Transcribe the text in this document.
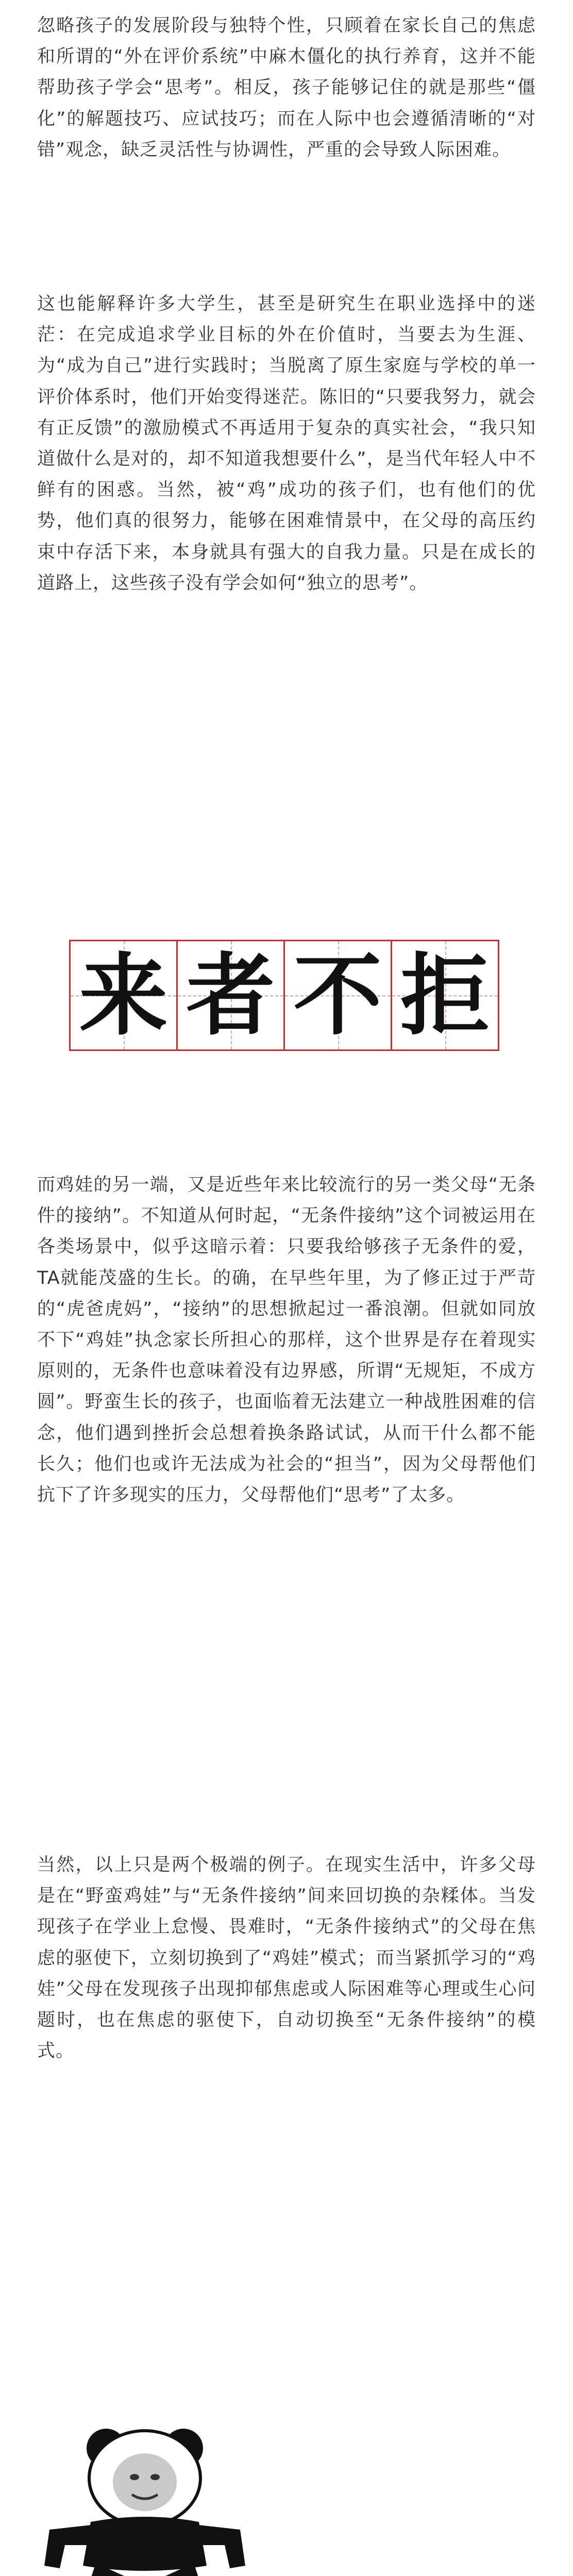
忽略孩子的发展阶段与独特个性，只顾着在家长自己的焦虑和所谓的“外在评价系统”中麻木僵化的执行养育，这并不能帮助孩子学会“思考”。相反，孩子能够记住的就是那些“僵化”的解题技巧、应试技巧；而在人际中也会遵循清晰的“对错”观念，缺乏灵活性与协调性，严重的会导致人际困难。

这也能解释许多大学生，甚至是研究生在职业选择中的迷茫：在完成追求学业目标的外在价值时，当要去为生涯、为“成为自己”进行实践时；当脱离了原生家庭与学校的单一评价体系时，他们开始变得迷茫。陈旧的“只要我努力，就会有正反馈”的激励模式不再适用于复杂的真实社会，“我只知道做什么是对的，却不知道我想要什么”，是当代年轻人中不鲜有的困惑。当然，被“鸡”成功的孩子们，也有他们的优势，他们真的很努力，能够在困难情景中，在父母的高压约束中存活下来，本身就具有强大的自我力量。只是在成长的道路上，这些孩子没有学会如何“独立的思考”。

来 者 不 拒

而鸡娃的另一端，又是近些年来比较流行的另一类父母“无条件的接纳”。不知道从何时起，“无条件接纳”这个词被运用在各类场景中，似乎这暗示着：只要我给够孩子无条件的爱，TA就能茂盛的生长。的确，在早些年里，为了修正过于严苛的“虎爸虎妈”，“接纳”的思想掀起过一番浪潮。但就如同放不下“鸡娃”执念家长所担心的那样，这个世界是存在着现实原则的，无条件也意味着没有边界感，所谓“无规矩，不成方圆”。野蛮生长的孩子，也面临着无法建立一种战胜困难的信念，他们遇到挫折会总想着换条路试试，从而干什么都不能长久；他们也或许无法成为社会的“担当”，因为父母帮他们抗下了许多现实的压力，父母帮他们“思考”了太多。

当然，以上只是两个极端的例子。在现实生活中，许多父母是在“野蛮鸡娃”与“无条件接纳”间来回切换的杂糅体。当发现孩子在学业上怠慢、畏难时，“无条件接纳式”的父母在焦虑的驱使下，立刻切换到了“鸡娃”模式；而当紧抓学习的“鸡娃”父母在发现孩子出现抑郁焦虑或人际困难等心理或生心问题时，也在焦虑的驱使下，自动切换至“无条件接纳”的模式。
